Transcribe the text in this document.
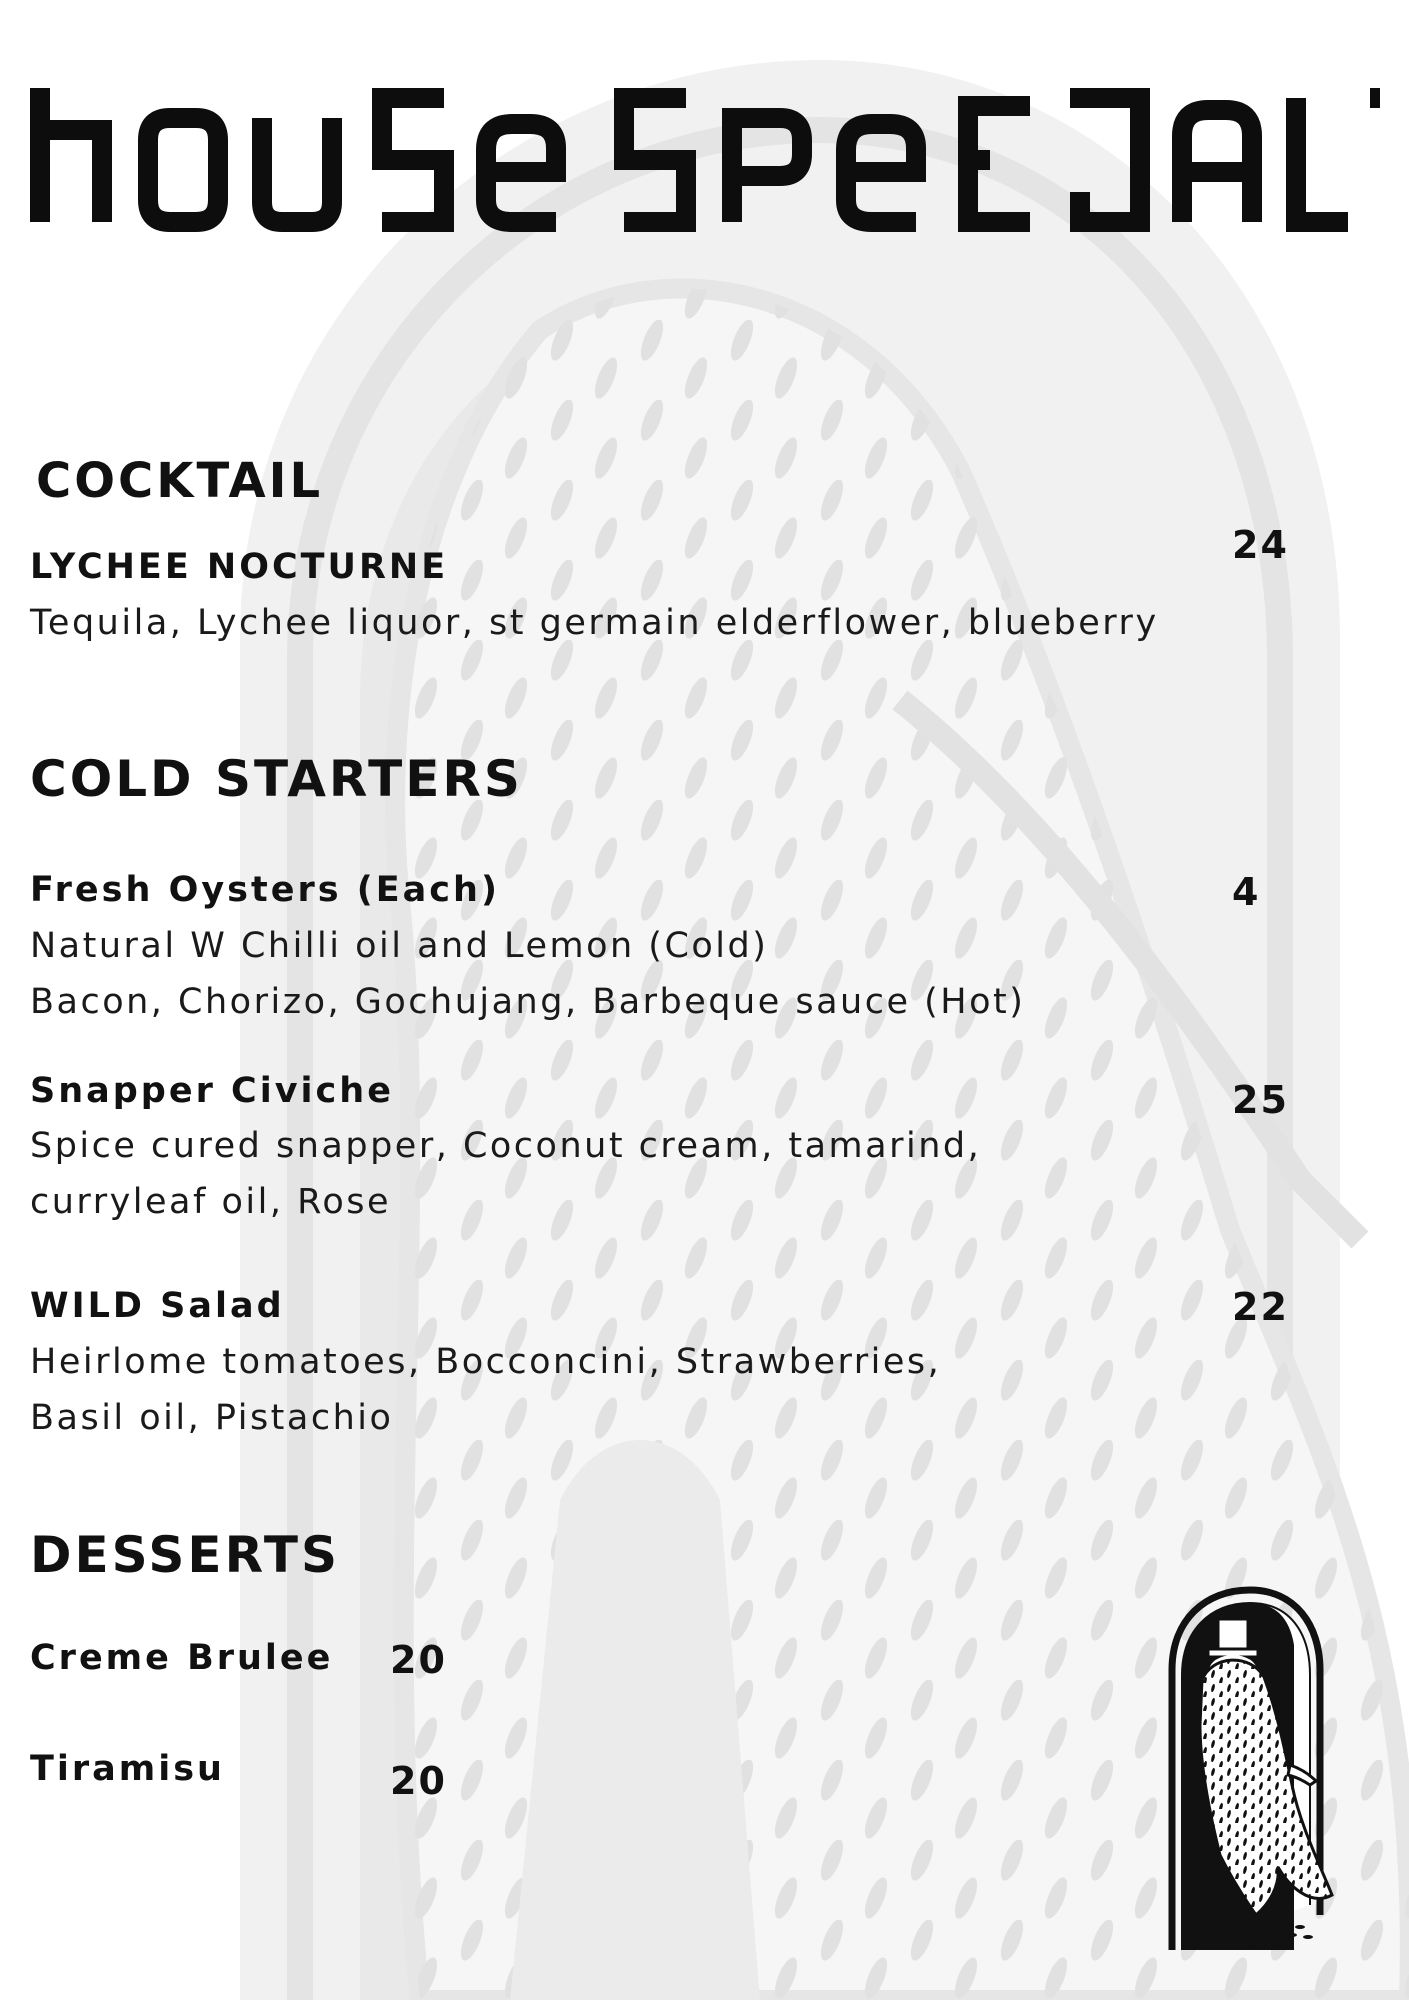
COCKTAIL
LYCHEE NOCTURNE	24
Tequila, Lychee liquor, st germain elderflower, blueberry
COLD STARTERS
Fresh Oysters (Each)	4
Natural W Chilli oil and Lemon (Cold)
Bacon, Chorizo, Gochujang, Barbeque sauce (Hot)
Snapper Civiche	25
Spice cured snapper, Coconut cream, tamarind,
curryleaf oil, Rose
WILD Salad	22
Heirlome tomatoes, Bocconcini, Strawberries,
Basil oil, Pistachio
DESSERTS
Creme Brulee 20
Tiramisu	20
